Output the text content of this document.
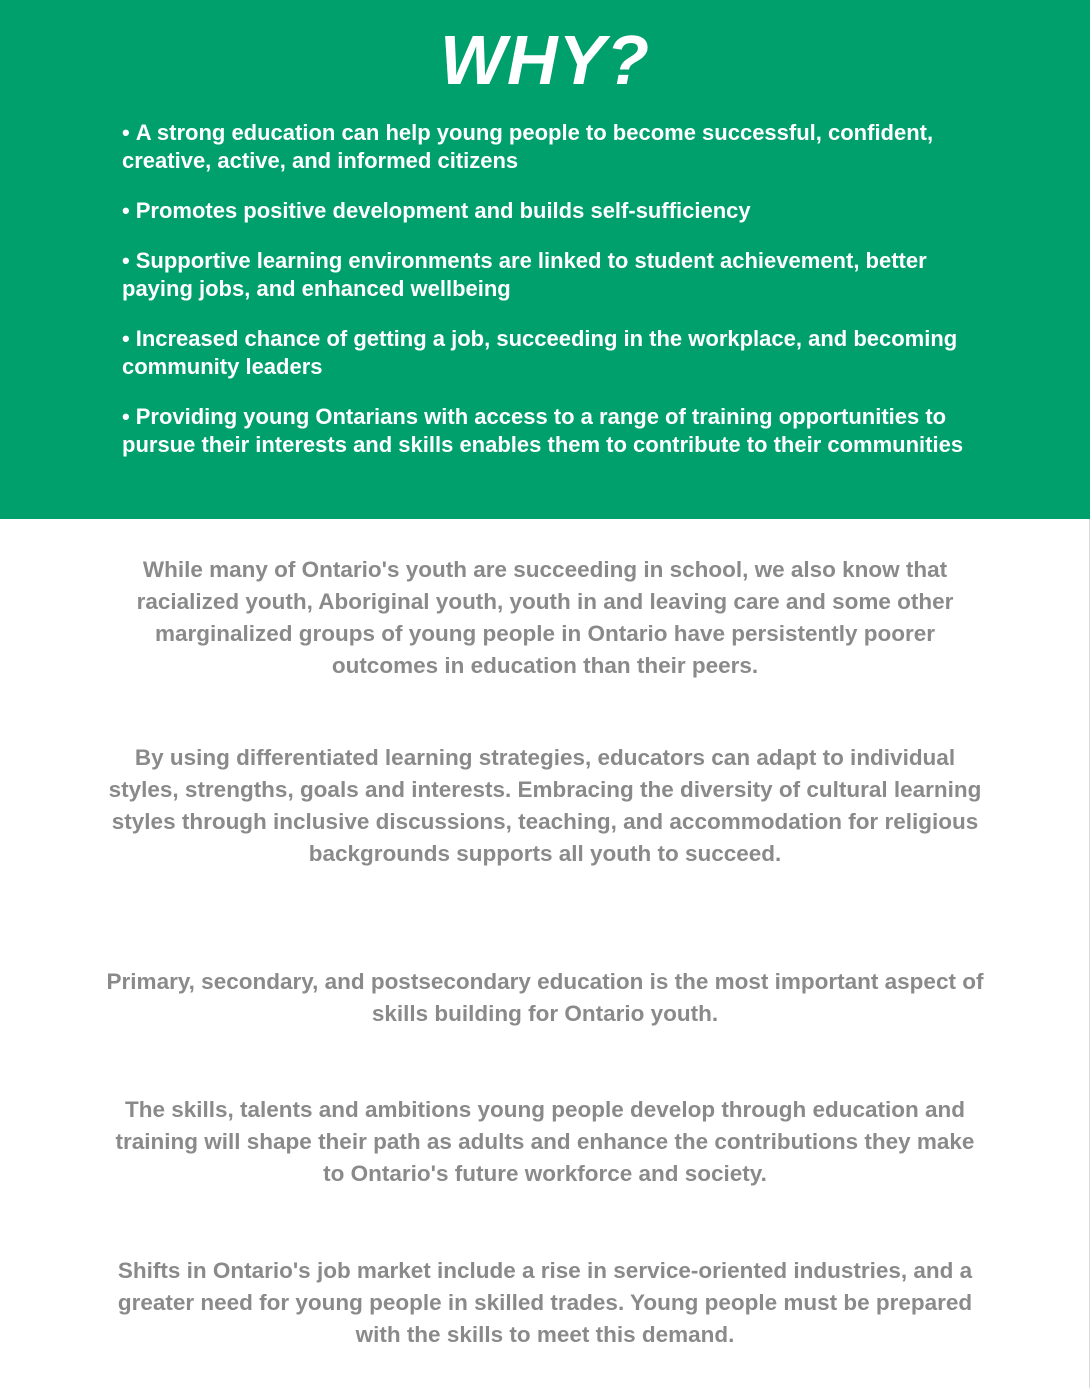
WHY?
• A strong education can help young people to become successful, confident, creative, active, and informed citizens
• Promotes positive development and builds self-sufficiency
• Supportive learning environments are linked to student achievement, better paying jobs, and enhanced wellbeing
• Increased chance of getting a job, succeeding in the workplace, and becoming community leaders
• Providing young Ontarians with access to a range of training opportunities to pursue their interests and skills enables them to contribute to their communities

While many of Ontario's youth are succeeding in school, we also know that racialized youth, Aboriginal youth, youth in and leaving care and some other marginalized groups of young people in Ontario have persistently poorer outcomes in education than their peers.

By using differentiated learning strategies, educators can adapt to individual styles, strengths, goals and interests. Embracing the diversity of cultural learning styles through inclusive discussions, teaching, and accommodation for religious backgrounds supports all youth to succeed.

Primary, secondary, and postsecondary education is the most important aspect of skills building for Ontario youth.

The skills, talents and ambitions young people develop through education and training will shape their path as adults and enhance the contributions they make to Ontario's future workforce and society.

Shifts in Ontario's job market include a rise in service-oriented industries, and a greater need for young people in skilled trades. Young people must be prepared with the skills to meet this demand.
